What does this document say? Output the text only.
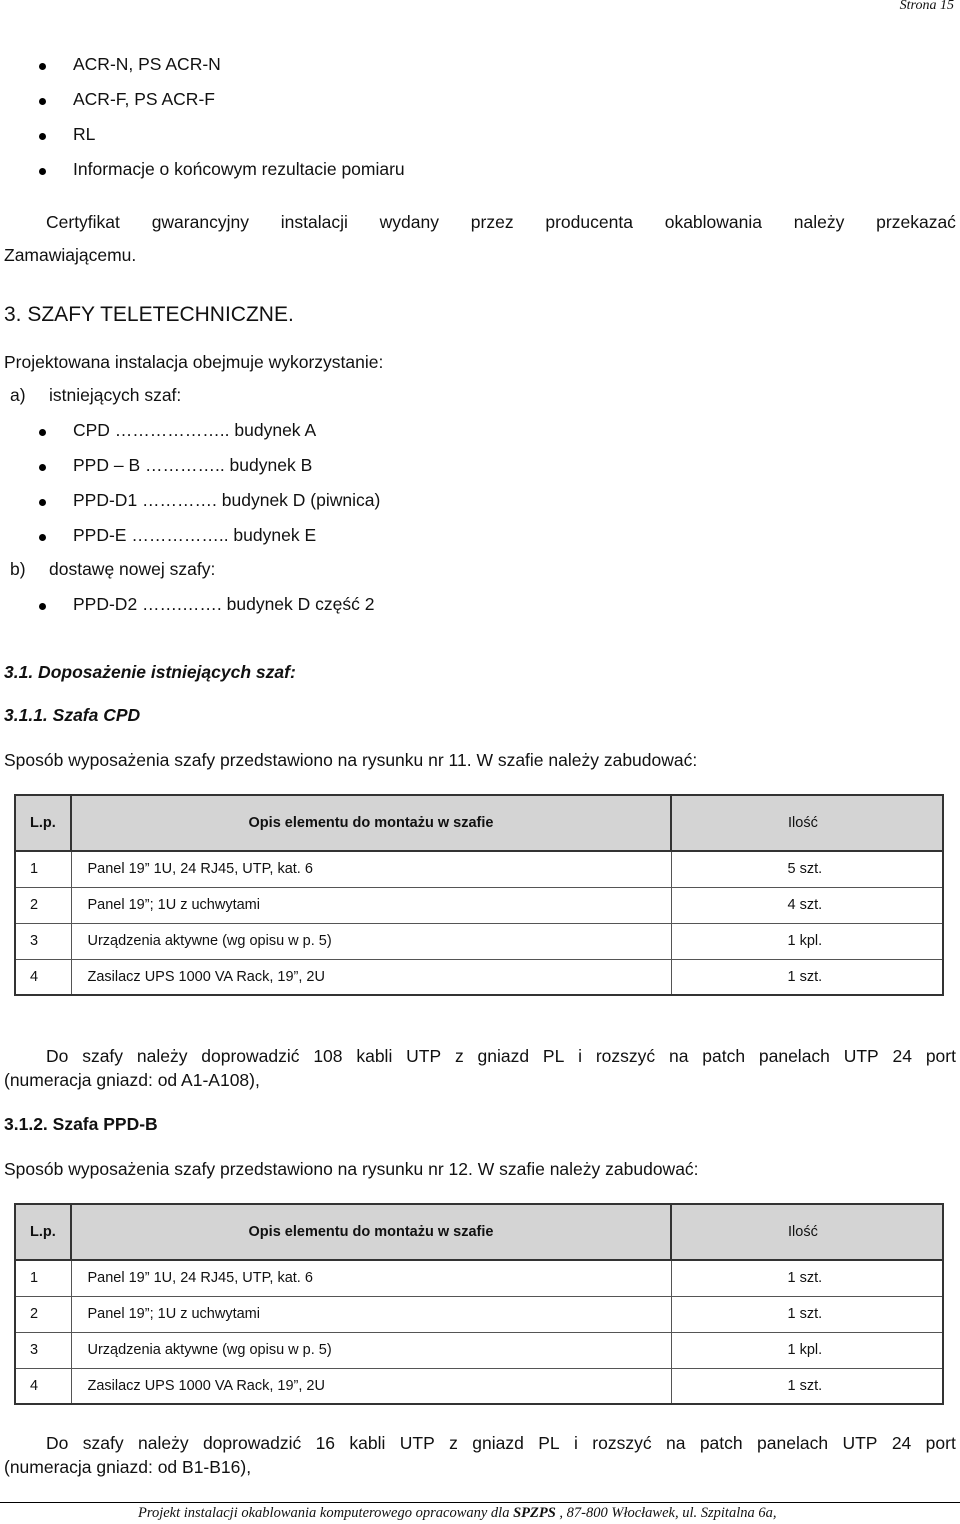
Strona 15
ACR-N, PS ACR-N
ACR-F, PS ACR-F
RL
Informacje o końcowym rezultacie pomiaru
Certyfikat gwarancyjny instalacji wydany przez producenta okablowania należy przekazać
Zamawiającemu.
3. SZAFY TELETECHNICZNE.
Projektowana instalacja obejmuje wykorzystanie:
a) istniejących szaf:
CPD ……………….. budynek A
PPD – B ………….. budynek B
PPD-D1 …………. budynek D (piwnica)
PPD-E …………….. budynek E
b) dostawę nowej szafy:
PPD-D2 …….……. budynek D część 2
3.1. Doposażenie istniejących szaf:
3.1.1. Szafa CPD
Sposób wyposażenia szafy przedstawiono na rysunku nr 11. W szafie należy zabudować:
L.p.	Opis elementu do montażu w szafie	Ilość
1	Panel 19” 1U, 24 RJ45, UTP, kat. 6	5 szt.
2	Panel 19”; 1U z uchwytami	4 szt.
3	Urządzenia aktywne (wg opisu w p. 5)	1 kpl.
4	Zasilacz UPS 1000 VA Rack, 19”, 2U	1 szt.
Do szafy należy doprowadzić 108 kabli UTP z gniazd PL i rozszyć na patch panelach UTP 24 port
(numeracja gniazd: od A1-A108),
3.1.2. Szafa PPD-B
Sposób wyposażenia szafy przedstawiono na rysunku nr 12. W szafie należy zabudować:
L.p.	Opis elementu do montażu w szafie	Ilość
1	Panel 19” 1U, 24 RJ45, UTP, kat. 6	1 szt.
2	Panel 19”; 1U z uchwytami	1 szt.
3	Urządzenia aktywne (wg opisu w p. 5)	1 kpl.
4	Zasilacz UPS 1000 VA Rack, 19”, 2U	1 szt.
Do szafy należy doprowadzić 16 kabli UTP z gniazd PL i rozszyć na patch panelach UTP 24 port
(numeracja gniazd: od B1-B16),
Projekt instalacji okablowania komputerowego opracowany dla SPZPS , 87-800 Włocławek, ul. Szpitalna 6a,
